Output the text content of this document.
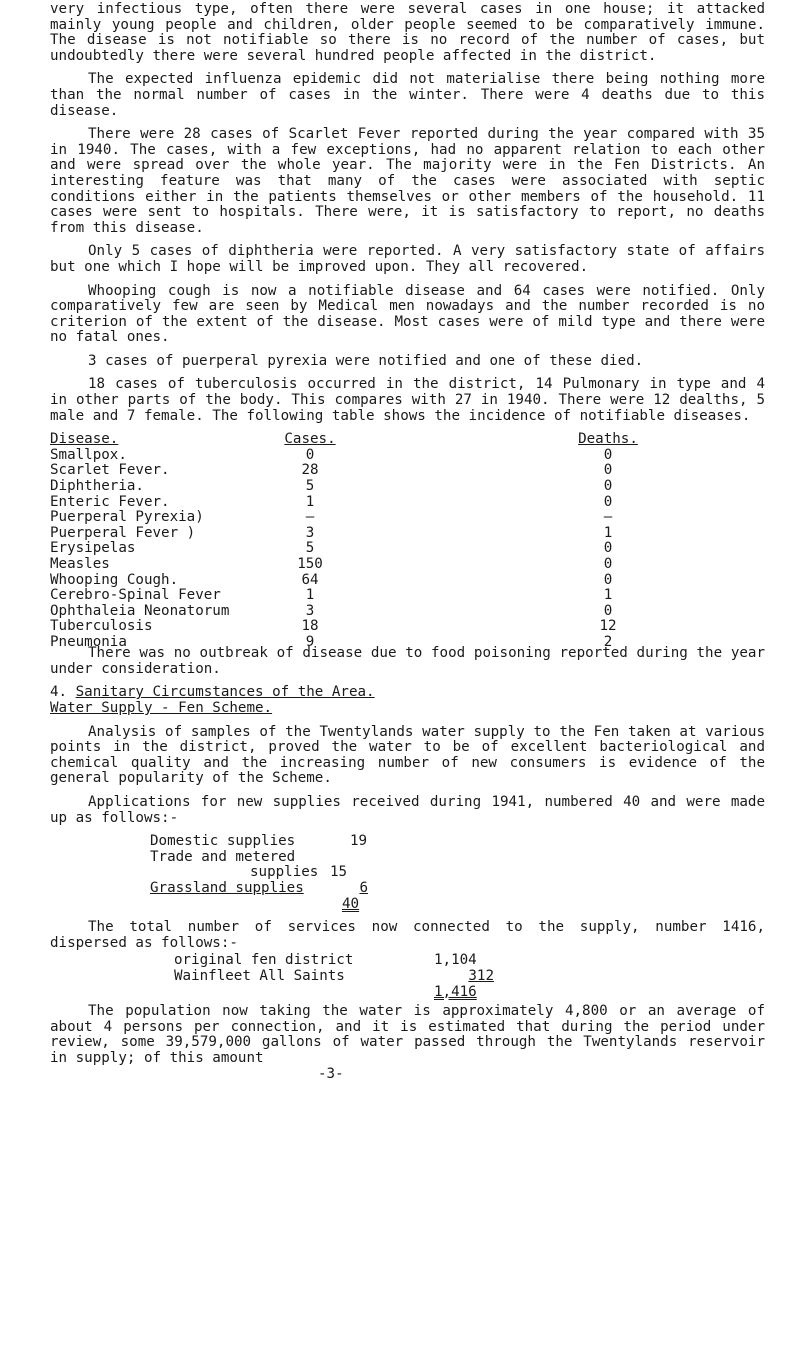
very infectious type, often there were several cases in one house; it attacked mainly young people and children, older people seemed to be comparatively immune. The disease is not notifiable so there is no record of the number of cases, but undoubtedly there were several hundred people affected in the district.

The expected influenza epidemic did not materialise there being nothing more than the normal number of cases in the winter. There were 4 deaths due to this disease.

There were 28 cases of Scarlet Fever reported during the year compared with 35 in 1940. The cases, with a few exceptions, had no apparent relation to each other and were spread over the whole year. The majority were in the Fen Districts. An interesting feature was that many of the cases were associated with septic conditions either in the patients themselves or other members of the household. 11 cases were sent to hospitals. There were, it is satisfactory to report, no deaths from this disease.

Only 5 cases of diphtheria were reported. A very satisfactory state of affairs but one which I hope will be improved upon. They all recovered.

Whooping cough is now a notifiable disease and 64 cases were notified. Only comparatively few are seen by Medical men nowadays and the number recorded is no criterion of the extent of the disease. Most cases were of mild type and there were no fatal ones.

3 cases of puerperal pyrexia were notified and one of these died.

18 cases of tuberculosis occurred in the district, 14 Pulmonary in type and 4 in other parts of the body. This compares with 27 in 1940. There were 12 dealths, 5 male and 7 female. The following table shows the incidence of notifiable diseases.

Disease.	Cases.	Deaths.
Smallpox.	0	0
Scarlet Fever.	28	0
Diphtheria.	5	0
Enteric Fever.	1	0
Puerperal Pyrexia)	–	–
Puerperal Fever )	3	1
Erysipelas	5	0
Measles	150	0
Whooping Cough.	64	0
Cerebro-Spinal Fever	1	1
Ophthaleia Neonatorum	3	0
Tuberculosis	18	12
Pneumonia	9	2

There was no outbreak of disease due to food poisoning reported during the year under consideration.

4. Sanitary Circumstances of the Area.
Water Supply - Fen Scheme.

Analysis of samples of the Twentylands water supply to the Fen taken at various points in the district, proved the water to be of excellent bacteriological and chemical quality and the increasing number of new consumers is evidence of the general popularity of the Scheme.

Applications for new supplies received during 1941, numbered 40 and were made up as follows:-

Domestic supplies	19
Trade and metered
supplies 15
Grassland supplies	6
40

The total number of services now connected to the supply, number 1416, dispersed as follows:-

original fen district	1,104
Wainfleet All Saints	312
1,416

The population now taking the water is approximately 4,800 or an average of about 4 persons per connection, and it is estimated that during the period under review, some 39,579,000 gallons of water passed through the Twentylands reservoir in supply; of this amount

-3-
